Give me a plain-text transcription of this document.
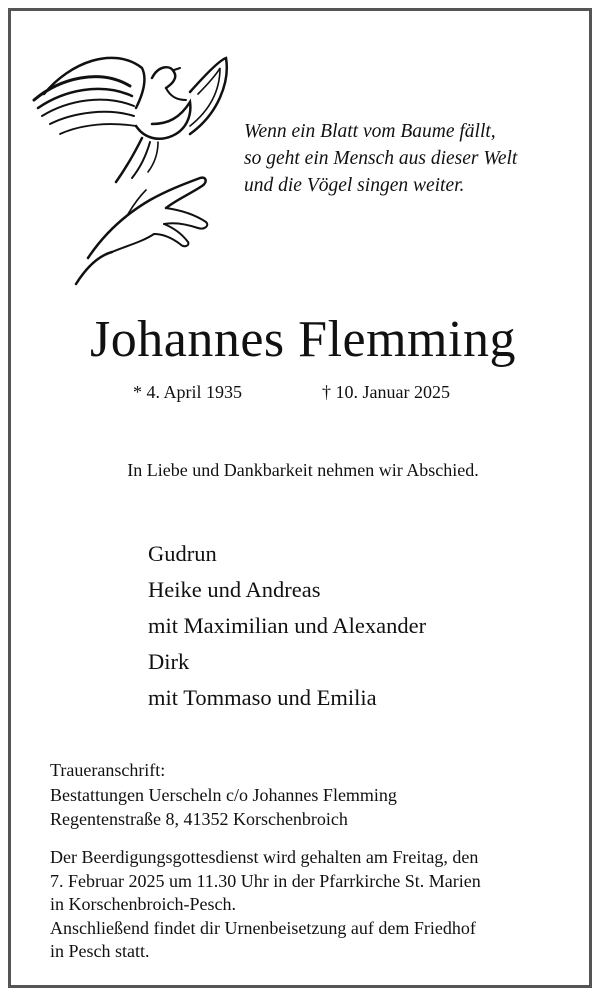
Wenn ein Blatt vom Baume fällt,
so geht ein Mensch aus dieser Welt
und die Vögel singen weiter.
Johannes Flemming
* 4. April 1935	† 10. Januar 2025
In Liebe und Dankbarkeit nehmen wir Abschied.
Gudrun
Heike und Andreas
mit Maximilian und Alexander
Dirk
mit Tommaso und Emilia
Traueranschrift:
Bestattungen Uerscheln c/o Johannes Flemming
Regentenstraße 8, 41352 Korschenbroich
Der Beerdigungsgottesdienst wird gehalten am Freitag, den
7. Februar 2025 um 11.30 Uhr in der Pfarrkirche St. Marien
in Korschenbroich-Pesch.
Anschließend findet dir Urnenbeisetzung auf dem Friedhof
in Pesch statt.
